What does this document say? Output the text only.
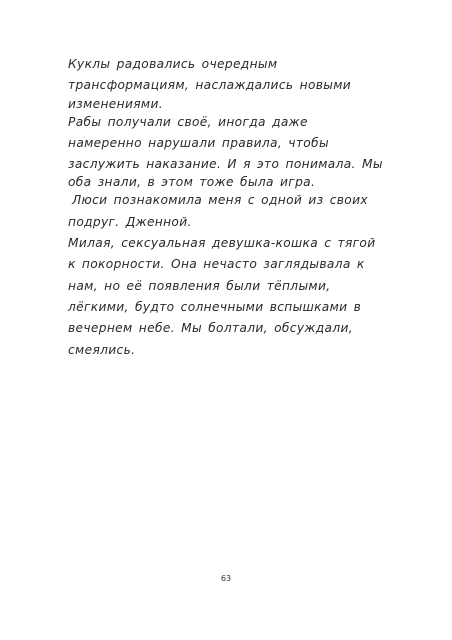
Куклы радовались очередным
трансформациям, наслаждались новыми
изменениями.
Рабы получали своё, иногда даже
намеренно нарушали правила, чтобы
заслужить наказание. И я это понимала. Мы
оба знали, в этом тоже была игра.
Люси познакомила меня с одной из своих
подруг. Дженной.
Милая, сексуальная девушка-кошка с тягой
к покорности. Она нечасто заглядывала к
нам, но её появления были тёплыми,
лёгкими, будто солнечными вспышками в
вечернем небе. Мы болтали, обсуждали,
смеялись.
63
